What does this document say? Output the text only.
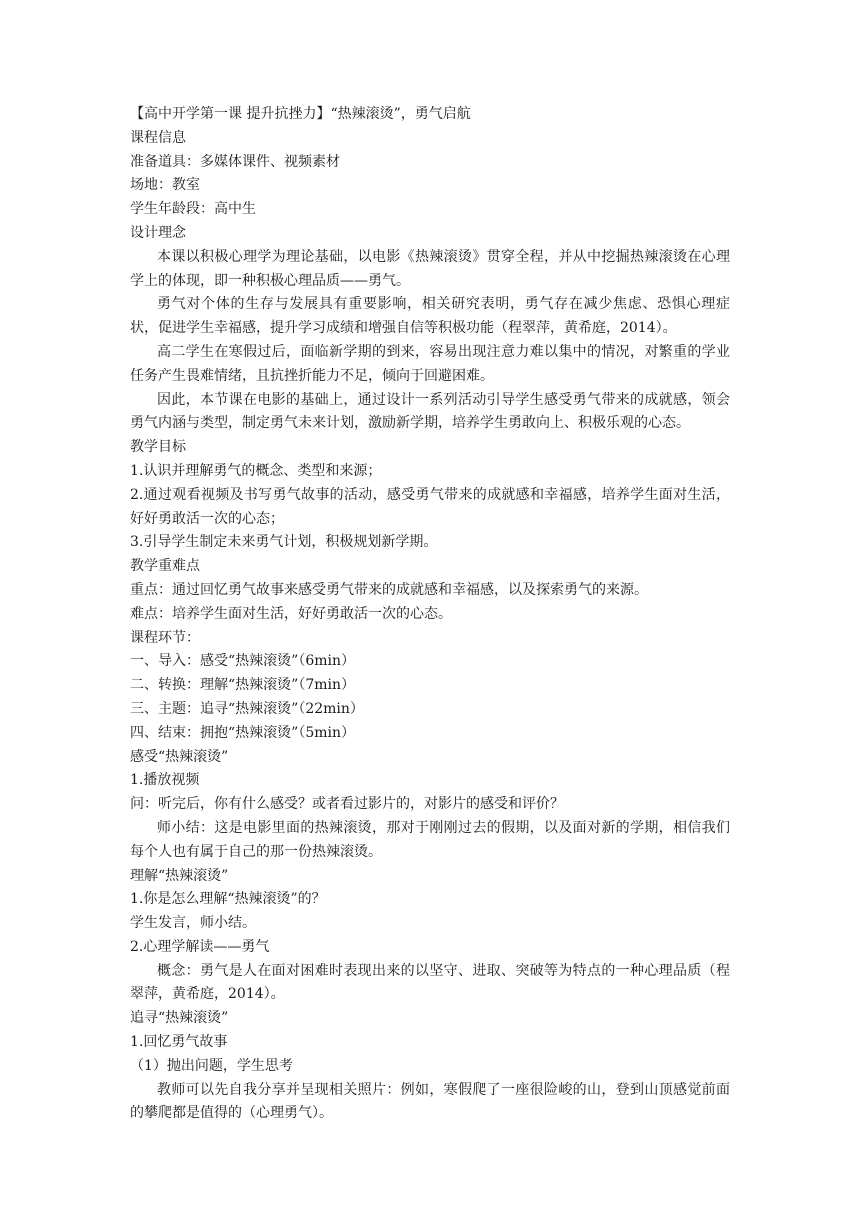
【高中开学第一课 提升抗挫力】“热辣滚烫”，勇气启航
课程信息
准备道具：多媒体课件、视频素材
场地：教室
学生年龄段：高中生
设计理念
本课以积极心理学为理论基础，以电影《热辣滚烫》贯穿全程，并从中挖掘热辣滚烫在心理学上的体现，即一种积极心理品质——勇气。
勇气对个体的生存与发展具有重要影响，相关研究表明，勇气存在减少焦虑、恐惧心理症状，促进学生幸福感，提升学习成绩和增强自信等积极功能（程翠萍，黄希庭，2014）。
高二学生在寒假过后，面临新学期的到来，容易出现注意力难以集中的情况，对繁重的学业任务产生畏难情绪，且抗挫折能力不足，倾向于回避困难。
因此，本节课在电影的基础上，通过设计一系列活动引导学生感受勇气带来的成就感，领会勇气内涵与类型，制定勇气未来计划，激励新学期，培养学生勇敢向上、积极乐观的心态。
教学目标
1.认识并理解勇气的概念、类型和来源；
2.通过观看视频及书写勇气故事的活动，感受勇气带来的成就感和幸福感，培养学生面对生活，好好勇敢活一次的心态；
3.引导学生制定未来勇气计划，积极规划新学期。
教学重难点
重点：通过回忆勇气故事来感受勇气带来的成就感和幸福感，以及探索勇气的来源。
难点：培养学生面对生活，好好勇敢活一次的心态。
课程环节：
一、导入：感受“热辣滚烫”（6min）
二、转换：理解“热辣滚烫”（7min）
三、主题：追寻“热辣滚烫”（22min）
四、结束：拥抱“热辣滚烫”（5min）
感受“热辣滚烫”
1.播放视频
问：听完后，你有什么感受？或者看过影片的，对影片的感受和评价？
师小结：这是电影里面的热辣滚烫，那对于刚刚过去的假期，以及面对新的学期，相信我们每个人也有属于自己的那一份热辣滚烫。
理解“热辣滚烫”
1.你是怎么理解“热辣滚烫”的？
学生发言，师小结。
2.心理学解读——勇气
概念：勇气是人在面对困难时表现出来的以坚守、进取、突破等为特点的一种心理品质（程翠萍，黄希庭，2014）。
追寻“热辣滚烫”
1.回忆勇气故事
（1）抛出问题，学生思考
教师可以先自我分享并呈现相关照片：例如，寒假爬了一座很险峻的山，登到山顶感觉前面的攀爬都是值得的（心理勇气）。
